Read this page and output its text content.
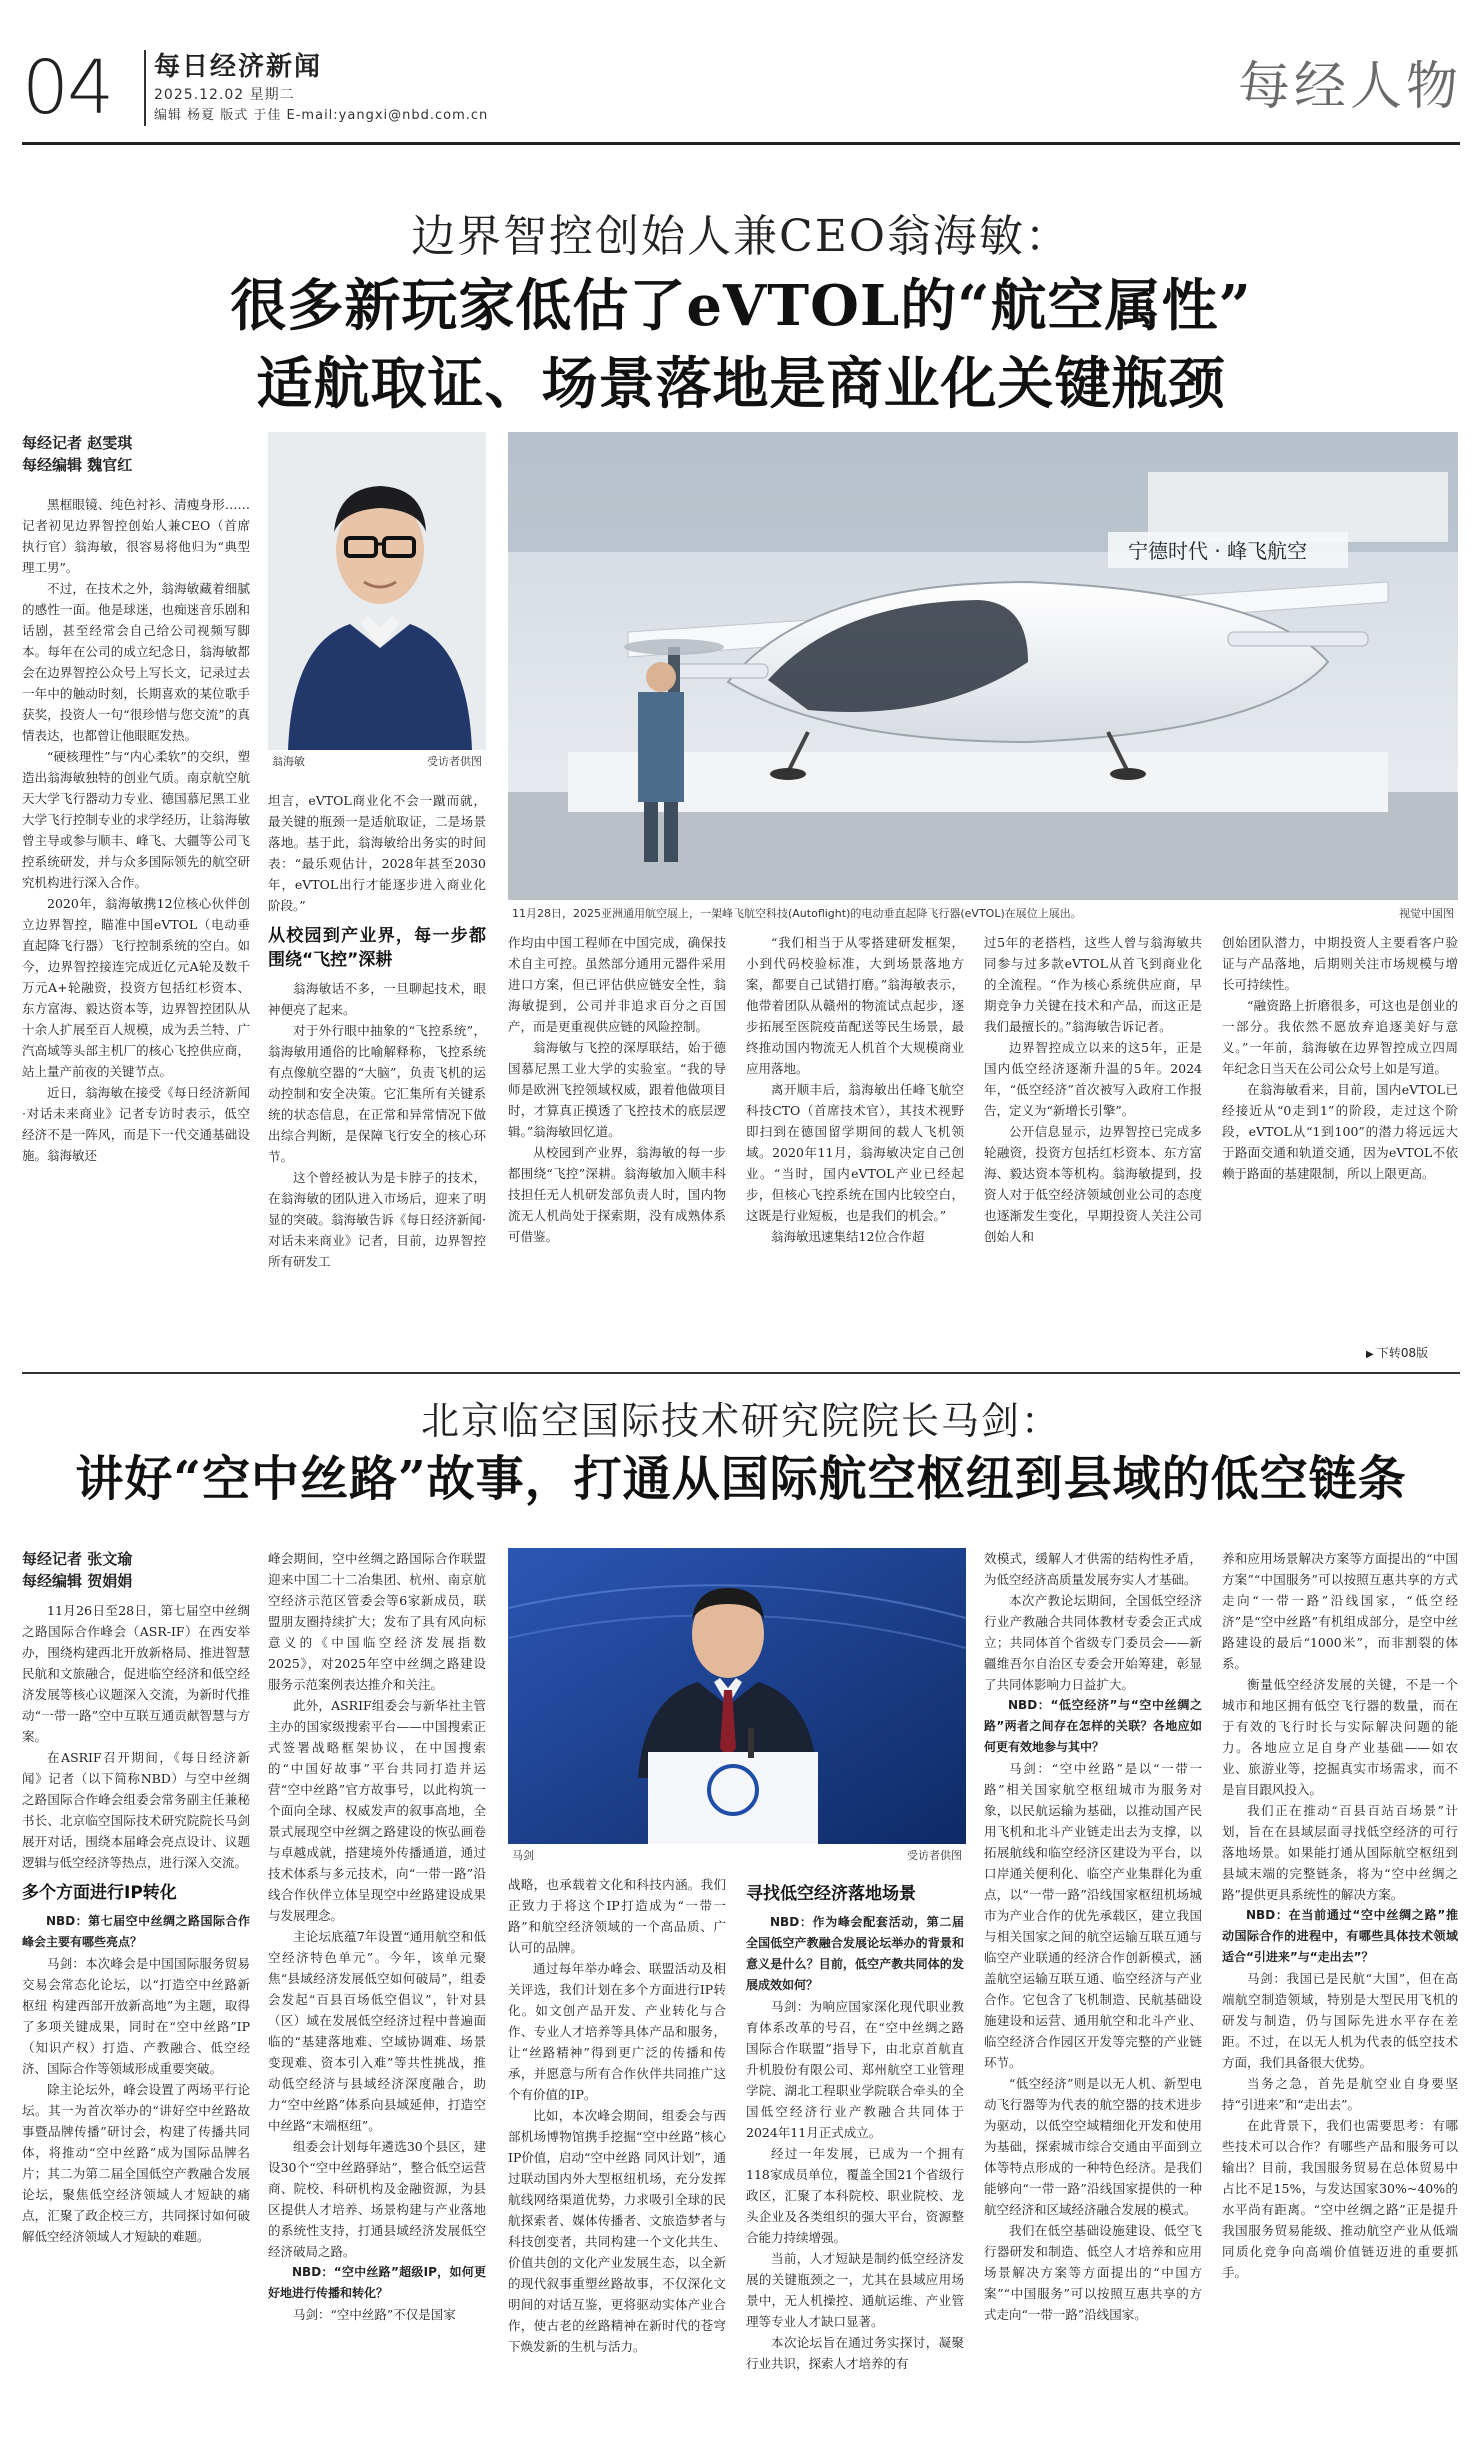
04 每日经济新闻
2025.12.02 星期二
编辑 杨夏 版式 于佳 E-mail:yangxi@nbd.com.cn	每经人物
边界智控创始人兼CEO翁海敏：
很多新玩家低估了eVTOL的“航空属性”
适航取证、场景落地是商业化关键瓶颈
每经记者 赵雯琪
每经编辑 魏官红

黑框眼镜、纯色衬衫、清瘦身形……记者初见边界智控创始人兼CEO（首席执行官）翁海敏，很容易将他归为“典型理工男”。

不过，在技术之外，翁海敏藏着细腻的感性一面。他是球迷，也痴迷音乐剧和话剧，甚至经常会自己给公司视频写脚本。每年在公司的成立纪念日，翁海敏都会在边界智控公众号上写长文，记录过去一年中的触动时刻，长期喜欢的某位歌手获奖，投资人一句“很珍惜与您交流”的真情表达，也都曾让他眼眶发热。

“硬核理性”与“内心柔软”的交织，塑造出翁海敏独特的创业气质。南京航空航天大学飞行器动力专业、德国慕尼黑工业大学飞行控制专业的求学经历，让翁海敏曾主导或参与顺丰、峰飞、大疆等公司飞控系统研发，并与众多国际领先的航空研究机构进行深入合作。

2020年，翁海敏携12位核心伙伴创立边界智控，瞄准中国eVTOL（电动垂直起降飞行器）飞行控制系统的空白。如今，边界智控接连完成近亿元A轮及数千万元A+轮融资，投资方包括红杉资本、东方富海、毅达资本等，边界智控团队从十余人扩展至百人规模，成为丢兰特、广汽高域等头部主机厂的核心飞控供应商，站上量产前夜的关键节点。

近日，翁海敏在接受《每日经济新闻·对话未来商业》记者专访时表示，低空经济不是一阵风，而是下一代交通基础设施。翁海敏还

翁海敏	受访者供图
宁德时代 · 峰飞航空
11月28日，2025亚洲通用航空展上，一架峰飞航空科技(Autoflight)的电动垂直起降飞行器(eVTOL)在展位上展出。	视觉中国图

坦言，eVTOL商业化不会一蹴而就，最关键的瓶颈一是适航取证，二是场景落地。基于此，翁海敏给出务实的时间表：“最乐观估计，2028年甚至2030年，eVTOL出行才能逐步进入商业化阶段。”

从校园到产业界，每一步都围绕“飞控”深耕

翁海敏话不多，一旦聊起技术，眼神便亮了起来。

对于外行眼中抽象的“飞控系统”，翁海敏用通俗的比喻解释称，飞控系统有点像航空器的“大脑”，负责飞机的运动控制和安全决策。它汇集所有关键系统的状态信息，在正常和异常情况下做出综合判断，是保障飞行安全的核心环节。

这个曾经被认为是卡脖子的技术，在翁海敏的团队进入市场后，迎来了明显的突破。翁海敏告诉《每日经济新闻·对话未来商业》记者，目前，边界智控所有研发工

作均由中国工程师在中国完成，确保技术自主可控。虽然部分通用元器件采用进口方案，但已评估供应链安全性，翁海敏提到，公司并非追求百分之百国产，而是更重视供应链的风险控制。

翁海敏与飞控的深厚联结，始于德国慕尼黑工业大学的实验室。“我的导师是欧洲飞控领域权威，跟着他做项目时，才算真正摸透了飞控技术的底层逻辑。”翁海敏回忆道。

从校园到产业界，翁海敏的每一步都围绕“飞控”深耕。翁海敏加入顺丰科技担任无人机研发部负责人时，国内物流无人机尚处于探索期，没有成熟体系可借鉴。

“我们相当于从零搭建研发框架，小到代码校验标准，大到场景落地方案，都要自己试错打磨。”翁海敏表示，他带着团队从赣州的物流试点起步，逐步拓展至医院疫苗配送等民生场景，最终推动国内物流无人机首个大规模商业应用落地。

离开顺丰后，翁海敏出任峰飞航空科技CTO（首席技术官），其技术视野即扫到在德国留学期间的载人飞机领域。2020年11月，翁海敏决定自己创业。“当时，国内eVTOL产业已经起步，但核心飞控系统在国内比较空白，这既是行业短板，也是我们的机会。”

翁海敏迅速集结12位合作超

过5年的老搭档，这些人曾与翁海敏共同参与过多款eVTOL从首飞到商业化的全流程。“作为核心系统供应商，早期竞争力关键在技术和产品，而这正是我们最擅长的。”翁海敏告诉记者。

边界智控成立以来的这5年，正是国内低空经济逐渐升温的5年。2024年，“低空经济”首次被写入政府工作报告，定义为“新增长引擎”。

公开信息显示，边界智控已完成多轮融资，投资方包括红杉资本、东方富海、毅达资本等机构。翁海敏提到，投资人对于低空经济领域创业公司的态度也逐渐发生变化，早期投资人关注公司创始人和

创始团队潜力，中期投资人主要看客户验证与产品落地，后期则关注市场规模与增长可持续性。

“融资路上折磨很多，可这也是创业的一部分。我依然不愿放弃追逐美好与意义。”一年前，翁海敏在边界智控成立四周年纪念日当天在公司公众号上如是写道。

在翁海敏看来，目前，国内eVTOL已经接近从“0走到1”的阶段，走过这个阶段，eVTOL从“1到100”的潜力将远远大于路面交通和轨道交通，因为eVTOL不依赖于路面的基建限制，所以上限更高。

▶ 下转08版
北京临空国际技术研究院院长马剑：
讲好“空中丝路”故事，打通从国际航空枢纽到县域的低空链条
每经记者 张文瑜
每经编辑 贺娟娟

11月26日至28日，第七届空中丝绸之路国际合作峰会（ASR-IF）在西安举办，围绕构建西北开放新格局、推进智慧民航和文旅融合，促进临空经济和低空经济发展等核心议题深入交流，为新时代推动“一带一路”空中互联互通贡献智慧与方案。

在ASRIF召开期间，《每日经济新闻》记者（以下简称NBD）与空中丝绸之路国际合作峰会组委会常务副主任兼秘书长、北京临空国际技术研究院院长马剑展开对话，围绕本届峰会亮点设计、议题逻辑与低空经济等热点，进行深入交流。

多个方面进行IP转化

NBD：第七届空中丝绸之路国际合作峰会主要有哪些亮点？

马剑：本次峰会是中国国际服务贸易交易会常态化论坛，以“打造空中丝路新枢纽 构建西部开放新高地”为主题，取得了多项关键成果，同时在“空中丝路”IP（知识产权）打造、产教融合、低空经济、国际合作等领域形成重要突破。

除主论坛外，峰会设置了两场平行论坛。其一为首次举办的“讲好空中丝路故事暨品牌传播”研讨会，构建了传播共同体，将推动“空中丝路”成为国际品牌名片；其二为第二届全国低空产教融合发展论坛，聚焦低空经济领域人才短缺的痛点，汇聚了政企校三方，共同探讨如何破解低空经济领域人才短缺的难题。

峰会期间，空中丝绸之路国际合作联盟迎来中国二十二冶集团、杭州、南京航空经济示范区管委会等6家新成员，联盟朋友圈持续扩大；发布了具有风向标意义的《中国临空经济发展指数2025》，对2025年空中丝绸之路建设服务示范案例表达推介和关注。

此外，ASRIF组委会与新华社主管主办的国家级搜索平台——中国搜索正式签署战略框架协议，在中国搜索的“中国好故事”平台共同打造并运营“空中丝路”官方故事号，以此构筑一个面向全球、权威发声的叙事高地，全景式展现空中丝绸之路建设的恢弘画卷与卓越成就，搭建境外传播通道，通过技术体系与多元技术，向“一带一路”沿线合作伙伴立体呈现空中丝路建设成果与发展理念。

主论坛底蕴7年设置“通用航空和低空经济特色单元”。今年，该单元聚焦“县域经济发展低空如何破局”，组委会发起“百县百场低空倡议”，针对县（区）域在发展低空经济过程中普遍面临的“基建落地难、空域协调难、场景变现难、资本引入难”等共性挑战，推动低空经济与县域经济深度融合，助力“空中丝路”体系向县域延伸，打造空中丝路“末端枢纽”。

组委会计划每年遴选30个县区，建设30个“空中丝路驿站”，整合低空运营商、院校、科研机构及金融资源，为县区提供人才培养、场景构建与产业落地的系统性支持，打通县域经济发展低空经济破局之路。

NBD：“空中丝路”超级IP，如何更好地进行传播和转化？

马剑：“空中丝路”不仅是国家

马剑	受访者供图

战略，也承载着文化和科技内涵。我们正致力于将这个IP打造成为“一带一路”和航空经济领域的一个高品质、广认可的品牌。

通过每年举办峰会、联盟活动及相关评选，我们计划在多个方面进行IP转化。如文创产品开发、产业转化与合作、专业人才培养等具体产品和服务，让“丝路精神”得到更广泛的传播和传承，并愿意与所有合作伙伴共同推广这个有价值的IP。

比如，本次峰会期间，组委会与西部机场博物馆携手挖掘“空中丝路”核心IP价值，启动“空中丝路 同风计划”，通过联动国内外大型枢纽机场，充分发挥航线网络渠道优势，力求吸引全球的民航探索者、媒体传播者、文旅造梦者与科技创变者，共同构建一个文化共生、价值共创的文化产业发展生态，以全新的现代叙事重塑丝路故事，不仅深化文明间的对话互鉴，更将驱动实体产业合作，使古老的丝路精神在新时代的苍穹下焕发新的生机与活力。

寻找低空经济落地场景

NBD：作为峰会配套活动，第二届全国低空产教融合发展论坛举办的背景和意义是什么？目前，低空产教共同体的发展成效如何？

马剑：为响应国家深化现代职业教育体系改革的号召，在“空中丝绸之路国际合作联盟”指导下，由北京首航直升机股份有限公司、郑州航空工业管理学院、湖北工程职业学院联合牵头的全国低空经济行业产教融合共同体于2024年11月正式成立。

经过一年发展，已成为一个拥有118家成员单位，覆盖全国21个省级行政区，汇聚了本科院校、职业院校、龙头企业及各类组织的强大平台，资源整合能力持续增强。

当前，人才短缺是制约低空经济发展的关键瓶颈之一，尤其在县域应用场景中，无人机操控、通航运维、产业管理等专业人才缺口显著。

本次论坛旨在通过务实探讨，凝聚行业共识，探索人才培养的有

效模式，缓解人才供需的结构性矛盾，为低空经济高质量发展夯实人才基础。

本次产教论坛期间，全国低空经济行业产教融合共同体教材专委会正式成立；共同体首个省级专门委员会——新疆维吾尔自治区专委会开始筹建，彰显了共同体影响力日益扩大。

NBD：“低空经济”与“空中丝绸之路”两者之间存在怎样的关联？各地应如何更有效地参与其中？

马剑：“空中丝路”是以“一带一路”相关国家航空枢纽城市为服务对象，以民航运输为基础，以推动国产民用飞机和北斗产业链走出去为支撑，以拓展航线和临空经济区建设为平台，以口岸通关便利化、临空产业集群化为重点，以“一带一路”沿线国家枢纽机场城市为产业合作的优先承载区，建立我国与相关国家之间的航空运输互联互通与临空产业联通的经济合作创新模式，涵盖航空运输互联互通、临空经济与产业合作。它包含了飞机制造、民航基础设施建设和运营、通用航空和北斗产业、临空经济合作园区开发等完整的产业链环节。

“低空经济”则是以无人机、新型电动飞行器等为代表的航空器的技术进步为驱动，以低空空域精细化开发和使用为基础，探索城市综合交通由平面到立体等特点形成的一种特色经济。是我们能够向“一带一路”沿线国家提供的一种航空经济和区域经济融合发展的模式。

我们在低空基础设施建设、低空飞行器研发和制造、低空人才培养和应用场景解决方案等方面提出的“中国方案”“中国服务”可以按照互惠共享的方式走向“一带一路”沿线国家。

养和应用场景解决方案等方面提出的“中国方案”“中国服务”可以按照互惠共享的方式走向“一带一路”沿线国家，“低空经济”是“空中丝路”有机组成部分，是空中丝路建设的最后“1000米”，而非割裂的体系。

衡量低空经济发展的关键，不是一个城市和地区拥有低空飞行器的数量，而在于有效的飞行时长与实际解决问题的能力。各地应立足自身产业基础——如农业、旅游业等，挖掘真实市场需求，而不是盲目跟风投入。

我们正在推动“百县百站百场景”计划，旨在在县域层面寻找低空经济的可行落地场景。如果能打通从国际航空枢纽到县域末端的完整链条，将为“空中丝绸之路”提供更具系统性的解决方案。

NBD：在当前通过“空中丝绸之路”推动国际合作的进程中，有哪些具体技术领域适合“引进来”与“走出去”？

马剑：我国已是民航“大国”，但在高端航空制造领域，特别是大型民用飞机的研发与制造，仍与国际先进水平存在差距。不过，在以无人机为代表的低空技术方面，我们具备很大优势。

当务之急，首先是航空业自身要坚持“引进来”和“走出去”。

在此背景下，我们也需要思考：有哪些技术可以合作？有哪些产品和服务可以输出？目前，我国服务贸易在总体贸易中占比不足15%，与发达国家30%~40%的水平尚有距离。“空中丝绸之路”正是提升我国服务贸易能级、推动航空产业从低端同质化竞争向高端价值链迈进的重要抓手。
